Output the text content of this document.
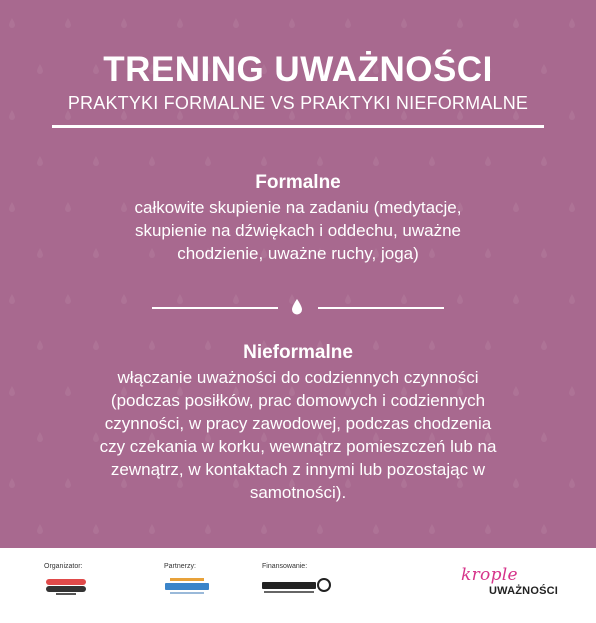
TRENING UWAŻNOŚCI
PRAKTYKI FORMALNE VS PRAKTYKI NIEFORMALNE
Formalne

całkowite skupienie na zadaniu (medytacje,
skupienie na dźwiękach i oddechu, uważne
chodzienie, uważne ruchy, joga)

Nieformalne

włączanie uważności do codziennych czynności
(podczas posiłków, prac domowych i codziennych
czynności, w pracy zawodowej, podczas chodzenia
czy czekania w korku, wewnątrz pomieszczeń lub na
zewnątrz, w kontaktach z innymi lub pozostając w
samotności).

Organizator:	Partnerzy:	Finansowanie:	krople
UWAŻNOŚCI
